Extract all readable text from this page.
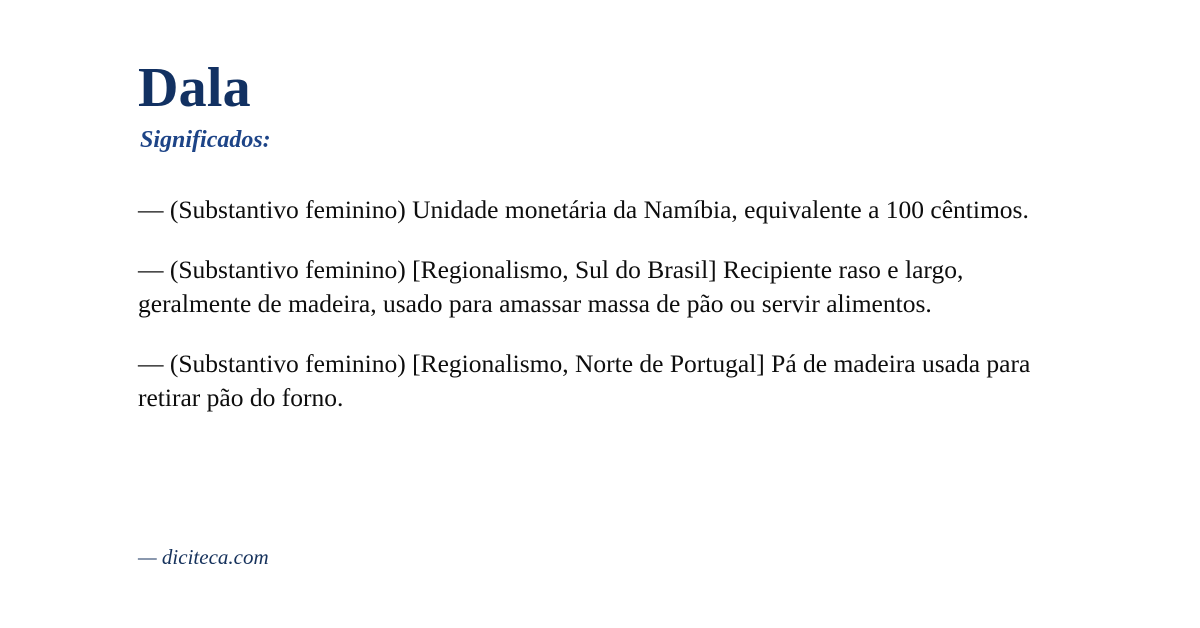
Dala
Significados:

— (Substantivo feminino) Unidade monetária da Namíbia, equivalente a 100 cêntimos.

— (Substantivo feminino) [Regionalismo, Sul do Brasil] Recipiente raso e largo, geralmente de madeira, usado para amassar massa de pão ou servir alimentos.

— (Substantivo feminino) [Regionalismo, Norte de Portugal] Pá de madeira usada para retirar pão do forno.

— diciteca.com
